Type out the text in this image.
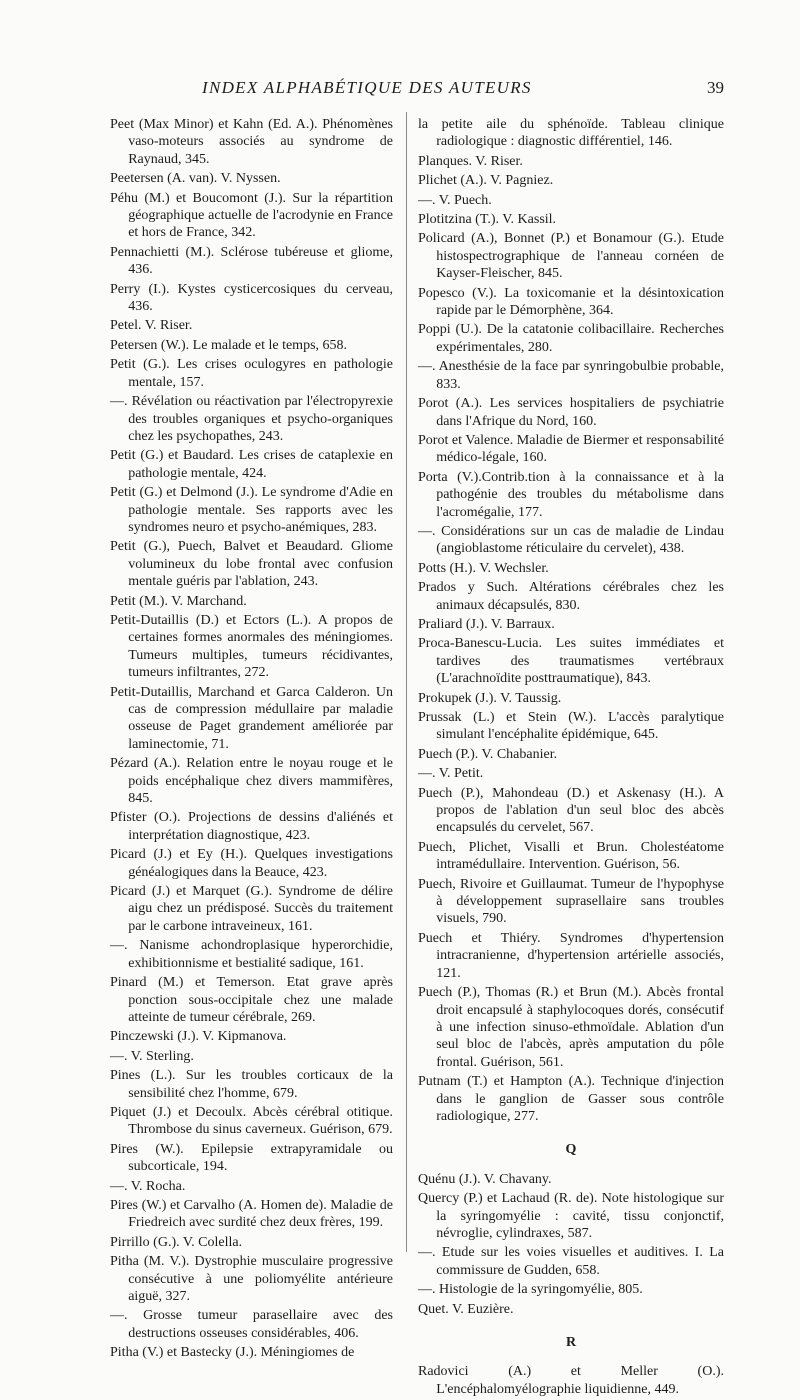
INDEX ALPHABÉTIQUE DES AUTEURS	39
Peet (Max Minor) et Kahn (Ed. A.). Phénomènes vaso-moteurs associés au syndrome de Raynaud, 345.
Peetersen (A. van). V. Nyssen.
Péhu (M.) et Boucomont (J.). Sur la répartition géographique actuelle de l'acrodynie en France et hors de France, 342.
Pennachietti (M.). Sclérose tubéreuse et gliome, 436.
Perry (I.). Kystes cysticercosiques du cerveau, 436.
Petel. V. Riser.
Petersen (W.). Le malade et le temps, 658.
Petit (G.). Les crises oculogyres en pathologie mentale, 157.
—. Révélation ou réactivation par l'électropyrexie des troubles organiques et psycho-organiques chez les psychopathes, 243.
Petit (G.) et Baudard. Les crises de cataplexie en pathologie mentale, 424.
Petit (G.) et Delmond (J.). Le syndrome d'Adie en pathologie mentale. Ses rapports avec les syndromes neuro et psycho-anémiques, 283.
Petit (G.), Puech, Balvet et Beaudard. Gliome volumineux du lobe frontal avec confusion mentale guéris par l'ablation, 243.
Petit (M.). V. Marchand.
Petit-Dutaillis (D.) et Ectors (L.). A propos de certaines formes anormales des méningiomes. Tumeurs multiples, tumeurs récidivantes, tumeurs infiltrantes, 272.
Petit-Dutaillis, Marchand et Garca Calderon. Un cas de compression médullaire par maladie osseuse de Paget grandement améliorée par laminectomie, 71.
Pézard (A.). Relation entre le noyau rouge et le poids encéphalique chez divers mammifères, 845.
Pfister (O.). Projections de dessins d'aliénés et interprétation diagnostique, 423.
Picard (J.) et Ey (H.). Quelques investigations généalogiques dans la Beauce, 423.
Picard (J.) et Marquet (G.). Syndrome de délire aigu chez un prédisposé. Succès du traitement par le carbone intraveineux, 161.
—. Nanisme achondroplasique hyperorchidie, exhibitionnisme et bestialité sadique, 161.
Pinard (M.) et Temerson. Etat grave après ponction sous-occipitale chez une malade atteinte de tumeur cérébrale, 269.
Pinczewski (J.). V. Kipmanova.
—. V. Sterling.
Pines (L.). Sur les troubles corticaux de la sensibilité chez l'homme, 679.
Piquet (J.) et Decoulx. Abcès cérébral otitique. Thrombose du sinus caverneux. Guérison, 679.
Pires (W.). Epilepsie extrapyramidale ou subcorticale, 194.
—. V. Rocha.
Pires (W.) et Carvalho (A. Homen de). Maladie de Friedreich avec surdité chez deux frères, 199.
Pirrillo (G.). V. Colella.
Pitha (M. V.). Dystrophie musculaire progressive consécutive à une poliomyélite antérieure aiguë, 327.
—. Grosse tumeur parasellaire avec des destructions osseuses considérables, 406.
Pitha (V.) et Bastecky (J.). Méningiomes de
la petite aile du sphénoïde. Tableau clinique radiologique : diagnostic différentiel, 146.
Planques. V. Riser.
Plichet (A.). V. Pagniez.
—. V. Puech.
Plotitzina (T.). V. Kassil.
Policard (A.), Bonnet (P.) et Bonamour (G.). Etude histospectrographique de l'anneau cornéen de Kayser-Fleischer, 845.
Popesco (V.). La toxicomanie et la désintoxication rapide par le Démorphène, 364.
Poppi (U.). De la catatonie colibacillaire. Recherches expérimentales, 280.
—. Anesthésie de la face par synringobulbie probable, 833.
Porot (A.). Les services hospitaliers de psychiatrie dans l'Afrique du Nord, 160.
Porot et Valence. Maladie de Biermer et responsabilité médico-légale, 160.
Porta (V.).Contrib.tion à la connaissance et à la pathogénie des troubles du métabolisme dans l'acromégalie, 177.
—. Considérations sur un cas de maladie de Lindau (angioblastome réticulaire du cervelet), 438.
Potts (H.). V. Wechsler.
Prados y Such. Altérations cérébrales chez les animaux décapsulés, 830.
Praliard (J.). V. Barraux.
Proca-Banescu-Lucia. Les suites immédiates et tardives des traumatismes vertébraux (L'arachnoïdite posttraumatique), 843.
Prokupek (J.). V. Taussig.
Prussak (L.) et Stein (W.). L'accès paralytique simulant l'encéphalite épidémique, 645.
Puech (P.). V. Chabanier.
—. V. Petit.
Puech (P.), Mahondeau (D.) et Askenasy (H.). A propos de l'ablation d'un seul bloc des abcès encapsulés du cervelet, 567.
Puech, Plichet, Visalli et Brun. Cholestéatome intramédullaire. Intervention. Guérison, 56.
Puech, Rivoire et Guillaumat. Tumeur de l'hypophyse à développement suprasellaire sans troubles visuels, 790.
Puech et Thiéry. Syndromes d'hypertension intracranienne, d'hypertension artérielle associés, 121.
Puech (P.), Thomas (R.) et Brun (M.). Abcès frontal droit encapsulé à staphylocoques dorés, consécutif à une infection sinuso-ethmoïdale. Ablation d'un seul bloc de l'abcès, après amputation du pôle frontal. Guérison, 561.
Putnam (T.) et Hampton (A.). Technique d'injection dans le ganglion de Gasser sous contrôle radiologique, 277.
Q
Quénu (J.). V. Chavany.
Quercy (P.) et Lachaud (R. de). Note histologique sur la syringomyélie : cavité, tissu conjonctif, névroglie, cylindraxes, 587.
—. Etude sur les voies visuelles et auditives. I. La commissure de Gudden, 658.
—. Histologie de la syringomyélie, 805.
Quet. V. Euzière.
R
Radovici (A.) et Meller (O.). L'encéphalomyélographie liquidienne, 449.
